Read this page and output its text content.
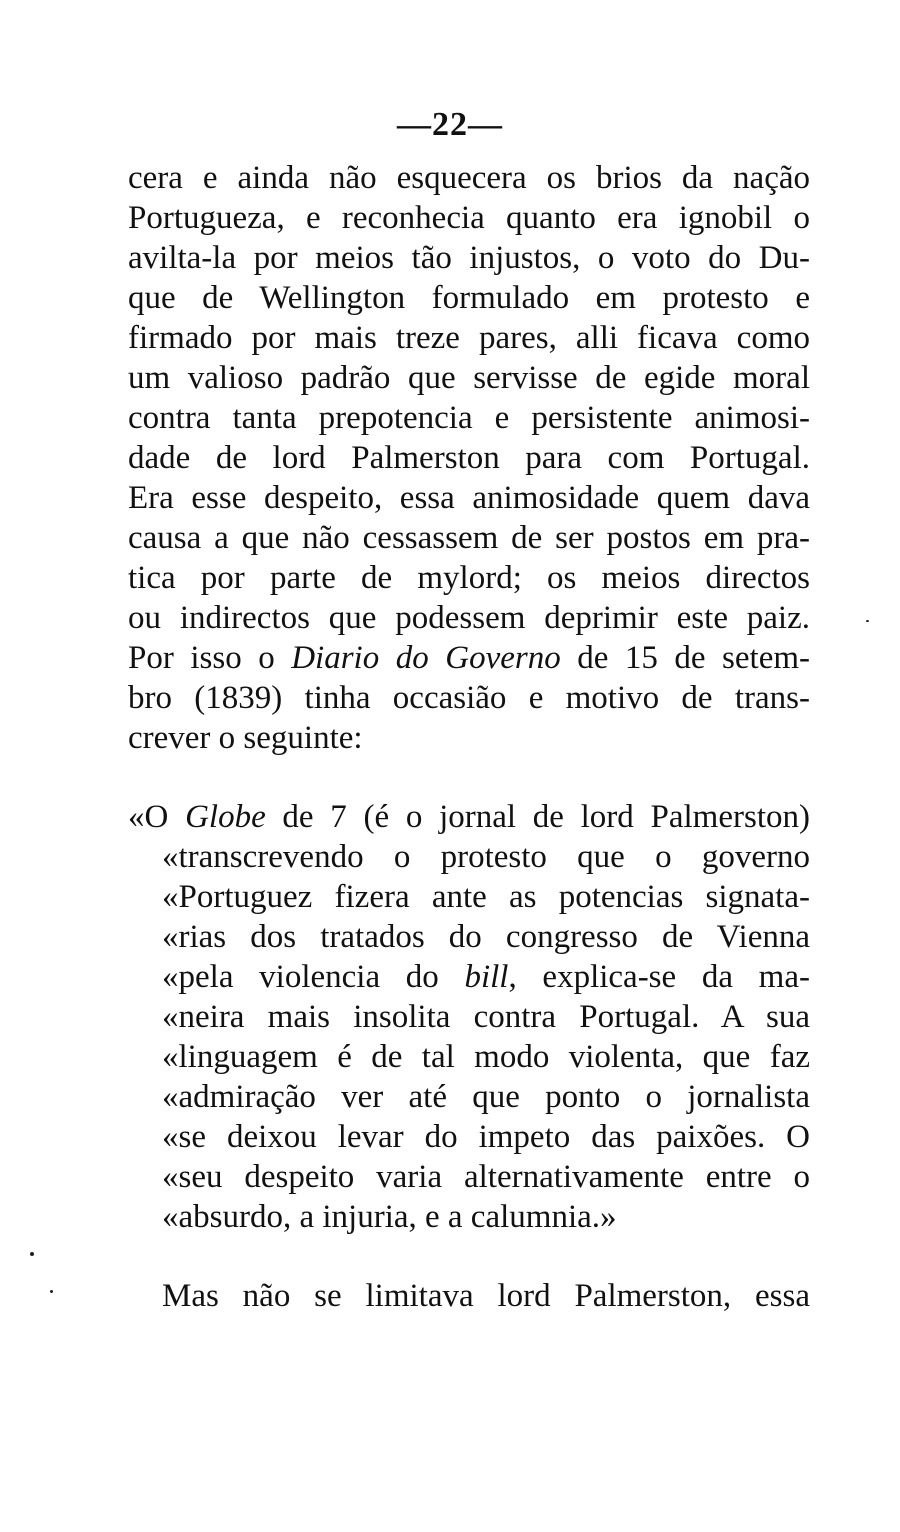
—22—
cera e ainda não esquecera os brios da nação
Portugueza, e reconhecia quanto era ignobil o
avilta-la por meios tão injustos, o voto do Du-
que de Wellington formulado em protesto e
firmado por mais treze pares, alli ficava como
um valioso padrão que servisse de egide moral
contra tanta prepotencia e persistente animosi-
dade de lord Palmerston para com Portugal.
Era esse despeito, essa animosidade quem dava
causa a que não cessassem de ser postos em pra-
tica por parte de mylord; os meios directos
ou indirectos que podessem deprimir este paiz.
Por isso o Diario do Governo de 15 de setem-
bro (1839) tinha occasião e motivo de trans-
crever o seguinte:
«O Globe de 7 (é o jornal de lord Palmerston)
«transcrevendo o protesto que o governo
«Portuguez fizera ante as potencias signata-
«rias dos tratados do congresso de Vienna
«pela violencia do bill, explica-se da ma-
«neira mais insolita contra Portugal. A sua
«linguagem é de tal modo violenta, que faz
«admiração ver até que ponto o jornalista
«se deixou levar do impeto das paixões. O
«seu despeito varia alternativamente entre o
«absurdo, a injuria, e a calumnia.»
Mas não se limitava lord Palmerston, essa
